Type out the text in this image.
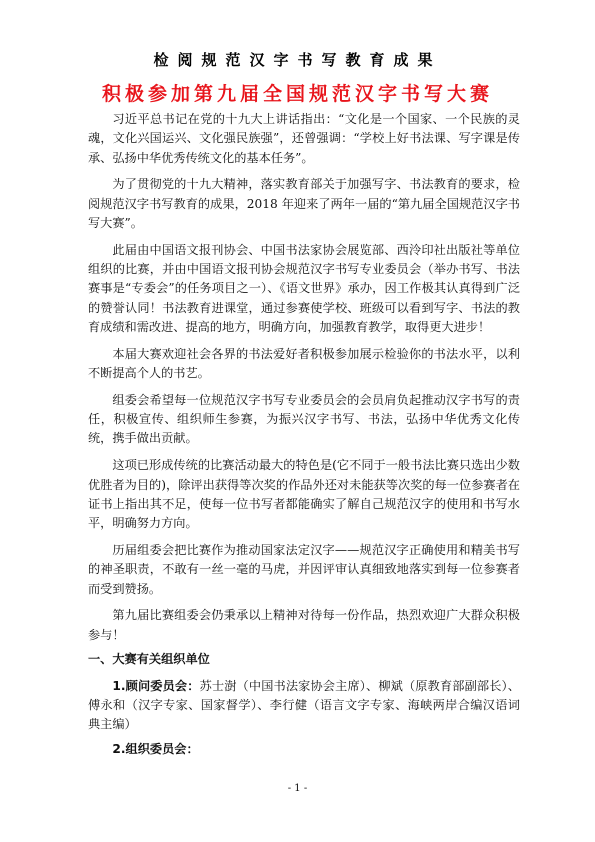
检阅规范汉字书写教育成果
积极参加第九届全国规范汉字书写大赛

习近平总书记在党的十九大上讲话指出：“文化是一个国家、一个民族的灵魂，文化兴国运兴、文化强民族强”，还曾强调：“学校上好书法课、写字课是传承、弘扬中华优秀传统文化的基本任务”。

为了贯彻党的十九大精神，落实教育部关于加强写字、书法教育的要求，检阅规范汉字书写教育的成果，2018 年迎来了两年一届的“第九届全国规范汉字书写大赛”。

此届由中国语文报刊协会、中国书法家协会展览部、西泠印社出版社等单位组织的比赛，并由中国语文报刊协会规范汉字书写专业委员会（举办书写、书法赛事是“专委会”的任务项目之一）、《语文世界》承办，因工作极其认真得到广泛的赞誉认同！书法教育进课堂，通过参赛使学校、班级可以看到写字、书法的教育成绩和需改进、提高的地方，明确方向，加强教育教学，取得更大进步！

本届大赛欢迎社会各界的书法爱好者积极参加展示检验你的书法水平，以利不断提高个人的书艺。

组委会希望每一位规范汉字书写专业委员会的会员肩负起推动汉字书写的责任，积极宣传、组织师生参赛，为振兴汉字书写、书法，弘扬中华优秀文化传统，携手做出贡献。

这项已形成传统的比赛活动最大的特色是(它不同于一般书法比赛只选出少数优胜者为目的)，除评出获得等次奖的作品外还对未能获等次奖的每一位参赛者在证书上指出其不足，使每一位书写者都能确实了解自己规范汉字的使用和书写水平，明确努力方向。

历届组委会把比赛作为推动国家法定汉字——规范汉字正确使用和精美书写的神圣职责，不敢有一丝一毫的马虎，并因评审认真细致地落实到每一位参赛者而受到赞扬。

第九届比赛组委会仍秉承以上精神对待每一份作品，热烈欢迎广大群众积极参与！

一、大赛有关组织单位

1.顾问委员会：苏士澍（中国书法家协会主席）、柳斌（原教育部副部长）、傅永和（汉字专家、国家督学）、李行健（语言文字专家、海峡两岸合编汉语词典主编）

2.组织委员会：

- 1 -
